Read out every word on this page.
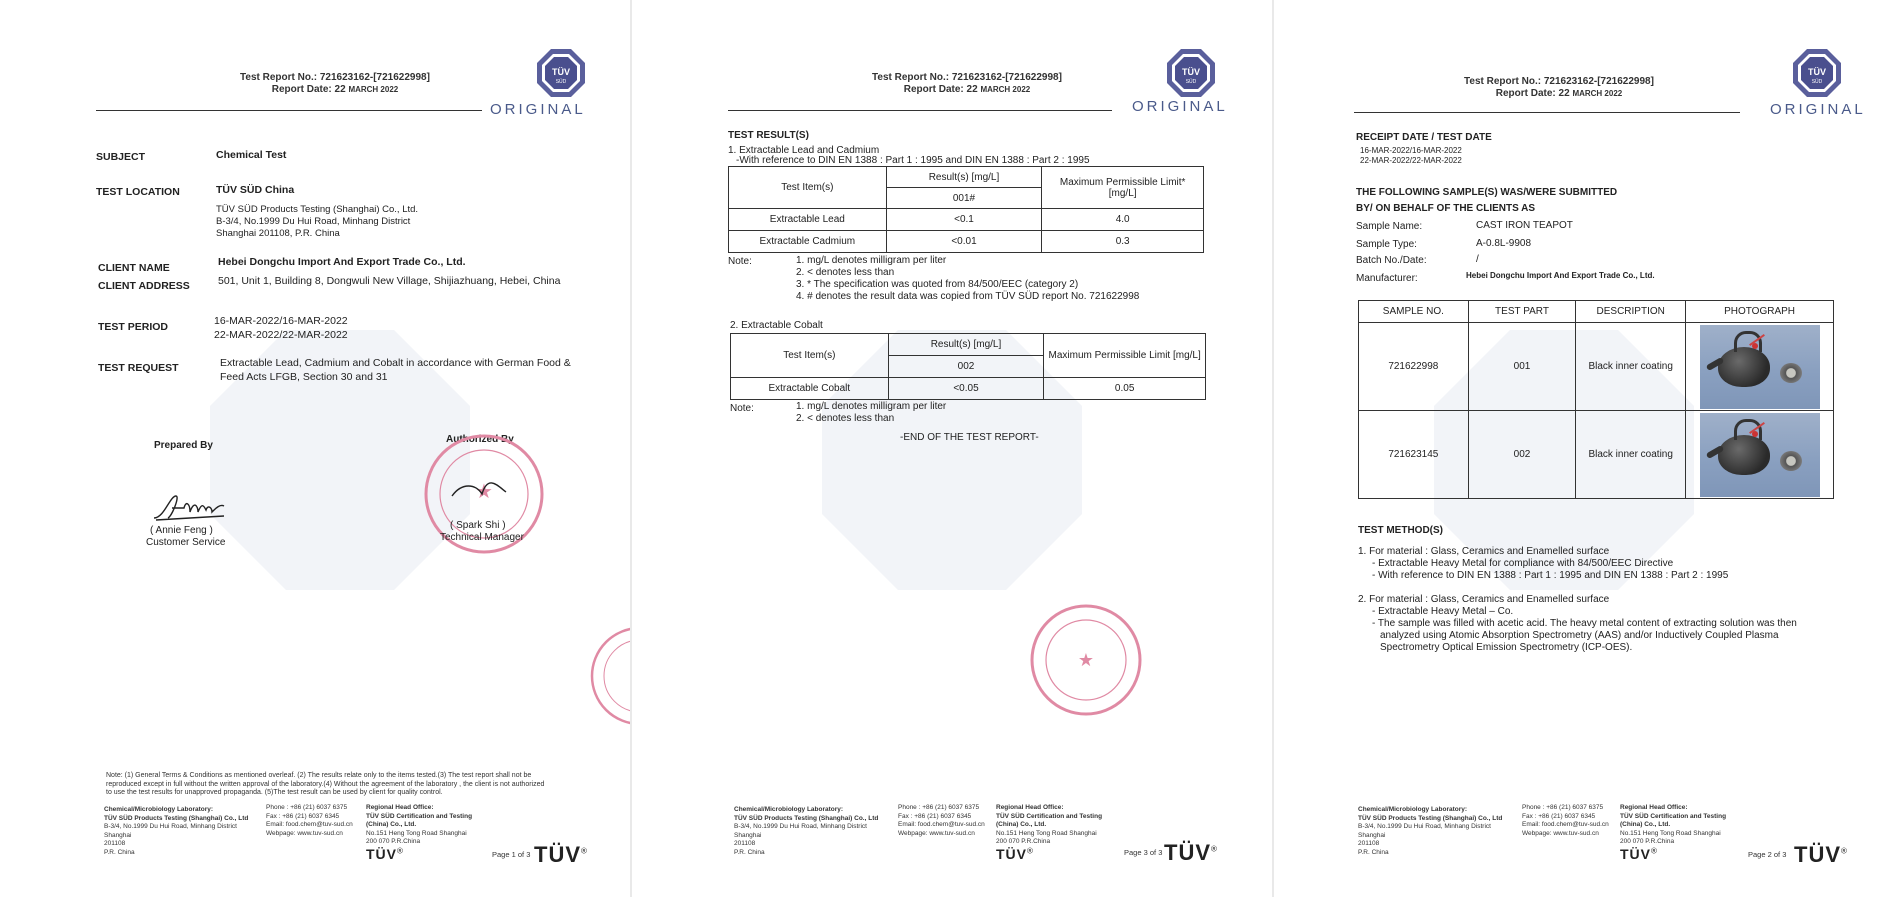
Test Report No.: 721623162-[721622998]
Report Date: 22 MARCH 2022
TÜV
SÜD
ORIGINAL
SUBJECT	Chemical Test
TEST LOCATION	TÜV SÜD China
TÜV SÜD Products Testing (Shanghai) Co., Ltd.
B-3/4, No.1999 Du Hui Road, Minhang District
Shanghai 201108, P.R. China
CLIENT NAME	Hebei Dongchu Import And Export Trade Co., Ltd.
CLIENT ADDRESS	501, Unit 1, Building 8, Dongwuli New Village, Shijiazhuang, Hebei, China
TEST PERIOD	16-MAR-2022/16-MAR-2022
22-MAR-2022/22-MAR-2022
TEST REQUEST	Extractable Lead, Cadmium and Cobalt in accordance with German Food &
Feed Acts LFGB, Section 30 and 31
Prepared By
Authorized By
( Annie Feng )
Customer Service
★
( Spark Shi )
Technical Manager
Note: (1) General Terms & Conditions as mentioned overleaf. (2) The results relate only to the items tested.(3) The test report shall not be
reproduced except in full without the written approval of the laboratory.(4) Without the agreement of the laboratory , the client is not authorized
to use the test results for unapproved propaganda. (5)The test result can be used by client for quality control.
Chemical/Microbiology Laboratory:
TÜV SÜD Products Testing (Shanghai) Co., Ltd
B-3/4, No.1999 Du Hui Road, Minhang District
Shanghai
201108
P.R. China
Phone : +86 (21) 6037 6375
Fax : +86 (21) 6037 6345
Email: food.chem@tuv-sud.cn
Webpage: www.tuv-sud.cn
Regional Head Office:
TÜV SÜD Certification and Testing
(China) Co., Ltd.
No.151 Heng Tong Road Shanghai
200 070 P.R.China
TÜV®	Page 1 of 3 TÜV®
Test Report No.: 721623162-[721622998]
Report Date: 22 MARCH 2022
TÜV
SÜD
ORIGINAL
TEST RESULT(S)
1. Extractable Lead and Cadmium
-With reference to DIN EN 1388 : Part 1 : 1995 and DIN EN 1388 : Part 2 : 1995
Test Item(s)	Result(s) [mg/L]	Maximum Permissible Limit* [mg/L]
	001#	
Extractable Lead	<0.1	4.0
Extractable Cadmium	<0.01	0.3
Note:	1. mg/L denotes milligram per liter
2. < denotes less than
3. * The specification was quoted from 84/500/EEC (category 2)
4. # denotes the result data was copied from TÜV SÜD report No. 721622998
2. Extractable Cobalt
Test Item(s)	Result(s) [mg/L]	Maximum Permissible Limit [mg/L]
	002	
Extractable Cobalt	<0.05	0.05
Note:	1. mg/L denotes milligram per liter
2. < denotes less than
-END OF THE TEST REPORT-
★
Chemical/Microbiology Laboratory:
TÜV SÜD Products Testing (Shanghai) Co., Ltd
B-3/4, No.1999 Du Hui Road, Minhang District
Shanghai
201108
P.R. China
Phone : +86 (21) 6037 6375
Fax : +86 (21) 6037 6345
Email: food.chem@tuv-sud.cn
Webpage: www.tuv-sud.cn
Regional Head Office:
TÜV SÜD Certification and Testing
(China) Co., Ltd.
No.151 Heng Tong Road Shanghai
200 070 P.R.China
TÜV®	Page 3 of 3 TÜV®
Test Report No.: 721623162-[721622998]
Report Date: 22 MARCH 2022
TÜV
SÜD
ORIGINAL
RECEIPT DATE / TEST DATE
16-MAR-2022/16-MAR-2022
22-MAR-2022/22-MAR-2022
THE FOLLOWING SAMPLE(S) WAS/WERE SUBMITTED
BY/ ON BEHALF OF THE CLIENTS AS
Sample Name:	CAST IRON TEAPOT
Sample Type:	A-0.8L-9908
Batch No./Date:	/
Manufacturer:	Hebei Dongchu Import And Export Trade Co., Ltd.
SAMPLE NO.	TEST PART	DESCRIPTION	PHOTOGRAPH
721622998	001	Black inner coating	

721623145	002	Black inner coating	
TEST METHOD(S)
1. For material : Glass, Ceramics and Enamelled surface
- Extractable Heavy Metal for compliance with 84/500/EEC Directive
- With reference to DIN EN 1388 : Part 1 : 1995 and DIN EN 1388 : Part 2 : 1995
2. For material : Glass, Ceramics and Enamelled surface
- Extractable Heavy Metal – Co.
- The sample was filled with acetic acid. The heavy metal content of extracting solution was then
analyzed using Atomic Absorption Spectrometry (AAS) and/or Inductively Coupled Plasma
Spectrometry Optical Emission Spectrometry (ICP-OES).
Chemical/Microbiology Laboratory:
TÜV SÜD Products Testing (Shanghai) Co., Ltd
B-3/4, No.1999 Du Hui Road, Minhang District
Shanghai
201108
P.R. China
Phone : +86 (21) 6037 6375
Fax : +86 (21) 6037 6345
Email: food.chem@tuv-sud.cn
Webpage: www.tuv-sud.cn
Regional Head Office:
TÜV SÜD Certification and Testing
(China) Co., Ltd.
No.151 Heng Tong Road Shanghai
200 070 P.R.China
TÜV®	Page 2 of 3 TÜV®
